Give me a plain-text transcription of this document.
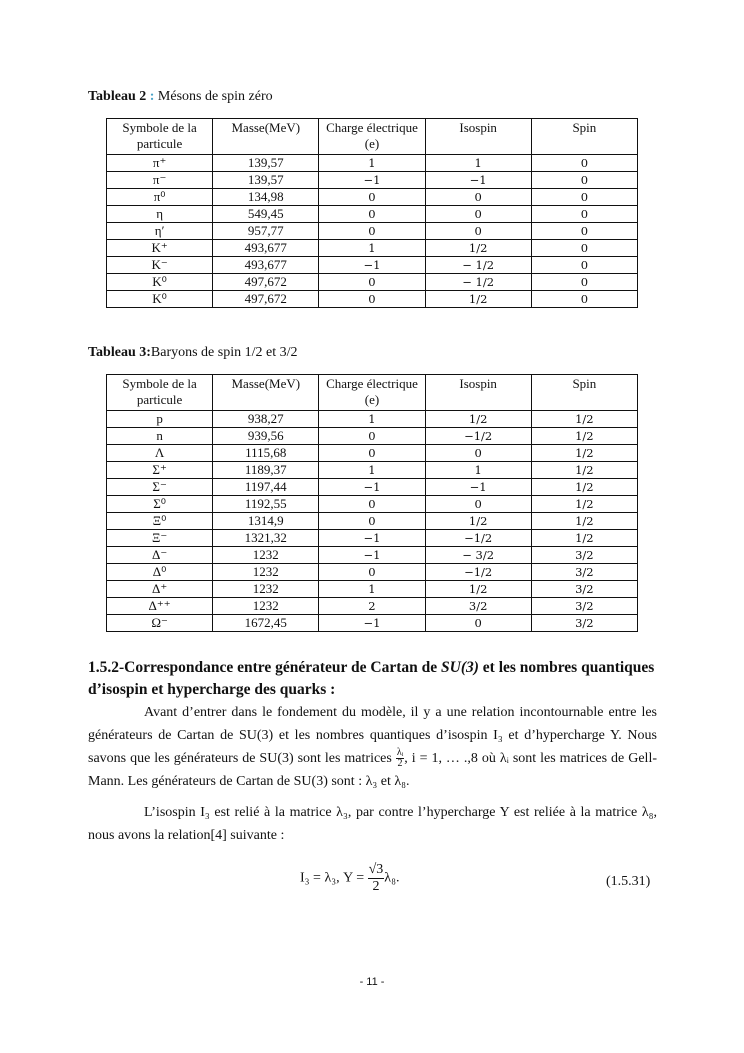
Tableau 2 : Mésons de spin zéro
Symbole de la particule	Masse(MeV)	Charge électrique (e)	Isospin	Spin
π⁺	139,57	1	1	0
π⁻	139,57	−1	−1	0
π⁰	134,98	0	0	0
η	549,45	0	0	0
η′	957,77	0	0	0
K⁺	493,677	1	1/2	0
K⁻	493,677	−1	− 1/2	0
K⁰	497,672	0	− 1/2	0
K⁰	497,672	0	1/2	0
Tableau 3:Baryons de spin 1/2 et 3/2
Symbole de la particule	Masse(MeV)	Charge électrique (e)	Isospin	Spin
p	938,27	1	1/2	1/2
n	939,56	0	−1/2	1/2
Λ	1115,68	0	0	1/2
Σ⁺	1189,37	1	1	1/2
Σ⁻	1197,44	−1	−1	1/2
Σ⁰	1192,55	0	0	1/2
Ξ⁰	1314,9	0	1/2	1/2
Ξ⁻	1321,32	−1	−1/2	1/2
Δ⁻	1232	−1	− 3/2	3/2
Δ⁰	1232	0	−1/2	3/2
Δ⁺	1232	1	1/2	3/2
Δ⁺⁺	1232	2	3/2	3/2
Ω⁻	1672,45	−1	0	3/2
1.5.2-Correspondance entre générateur de Cartan de SU(3) et les nombres quantiques d’isospin et hypercharge des quarks :
Avant d’entrer dans le fondement du modèle, il y a une relation incontournable entre les générateurs de Cartan de SU(3) et les nombres quantiques d’isospin I₃ et d’hypercharge Y. Nous savons que les générateurs de SU(3) sont les matrices $\frac{\text{λᵢ}}{2}$ , i = 1, … .,8 où λᵢ sont les matrices de Gell-Mann. Les générateurs de Cartan de SU(3) sont : λ₃ et λ₈.
L’isospin I₃ est relié à la matrice λ₃, par contre l’hypercharge Y est reliée à la matrice λ₈, nous avons la relation[4] suivante :
I₃ = λ₃, $Y = \frac{√3}{2} \lambda_8$.	(1.5.31)
- 11 -
